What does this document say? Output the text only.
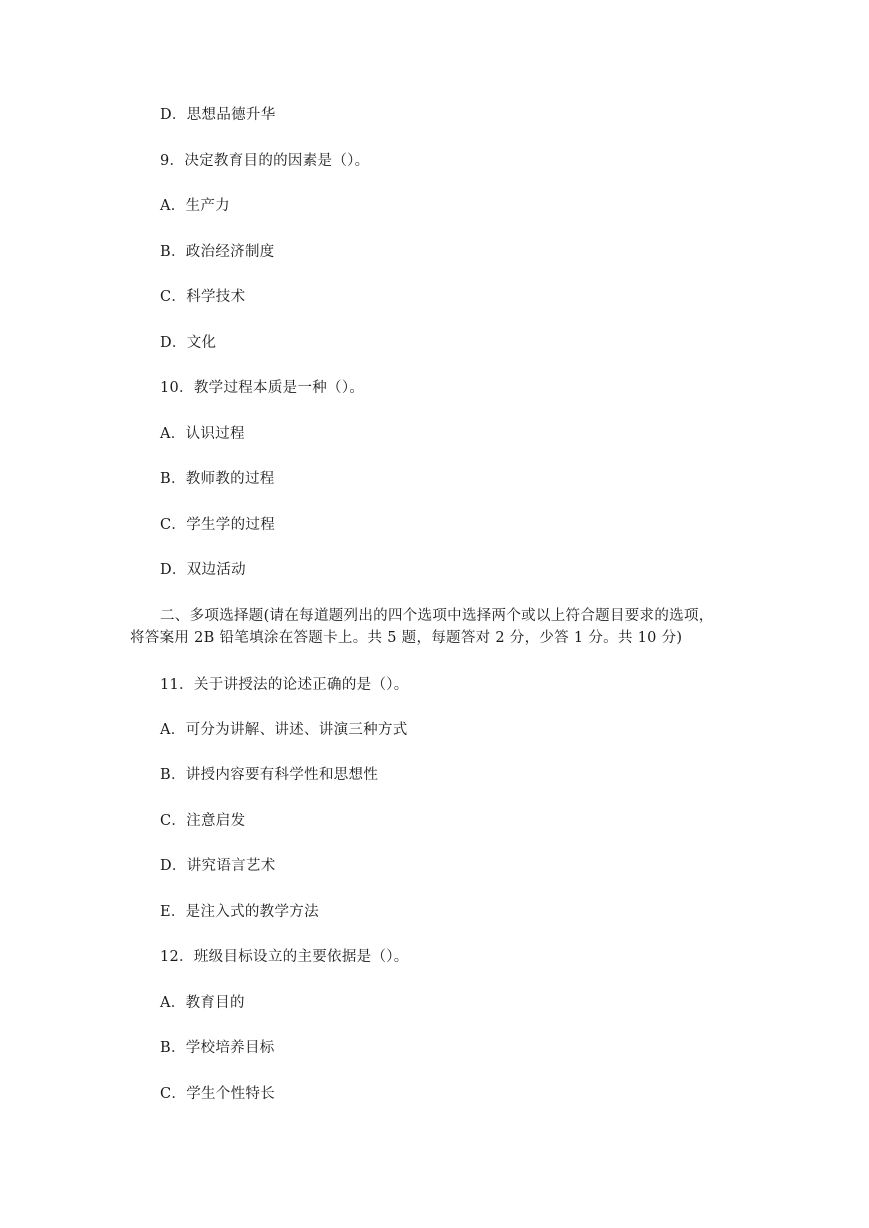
D．思想品德升华
9．决定教育目的的因素是（）。
A．生产力
B．政治经济制度
C．科学技术
D．文化
10．教学过程本质是一种（）。
A．认识过程
B．教师教的过程
C．学生学的过程
D．双边活动
二、多项选择题(请在每道题列出的四个选项中选择两个或以上符合题目要求的选项，
将答案用 2B 铅笔填涂在答题卡上。共 5 题，每题答对 2 分，少答 1 分。共 10 分)
11．关于讲授法的论述正确的是（）。
A．可分为讲解、讲述、讲演三种方式
B．讲授内容要有科学性和思想性
C．注意启发
D．讲究语言艺术
E．是注入式的教学方法
12．班级目标设立的主要依据是（）。
A．教育目的
B．学校培养目标
C．学生个性特长
